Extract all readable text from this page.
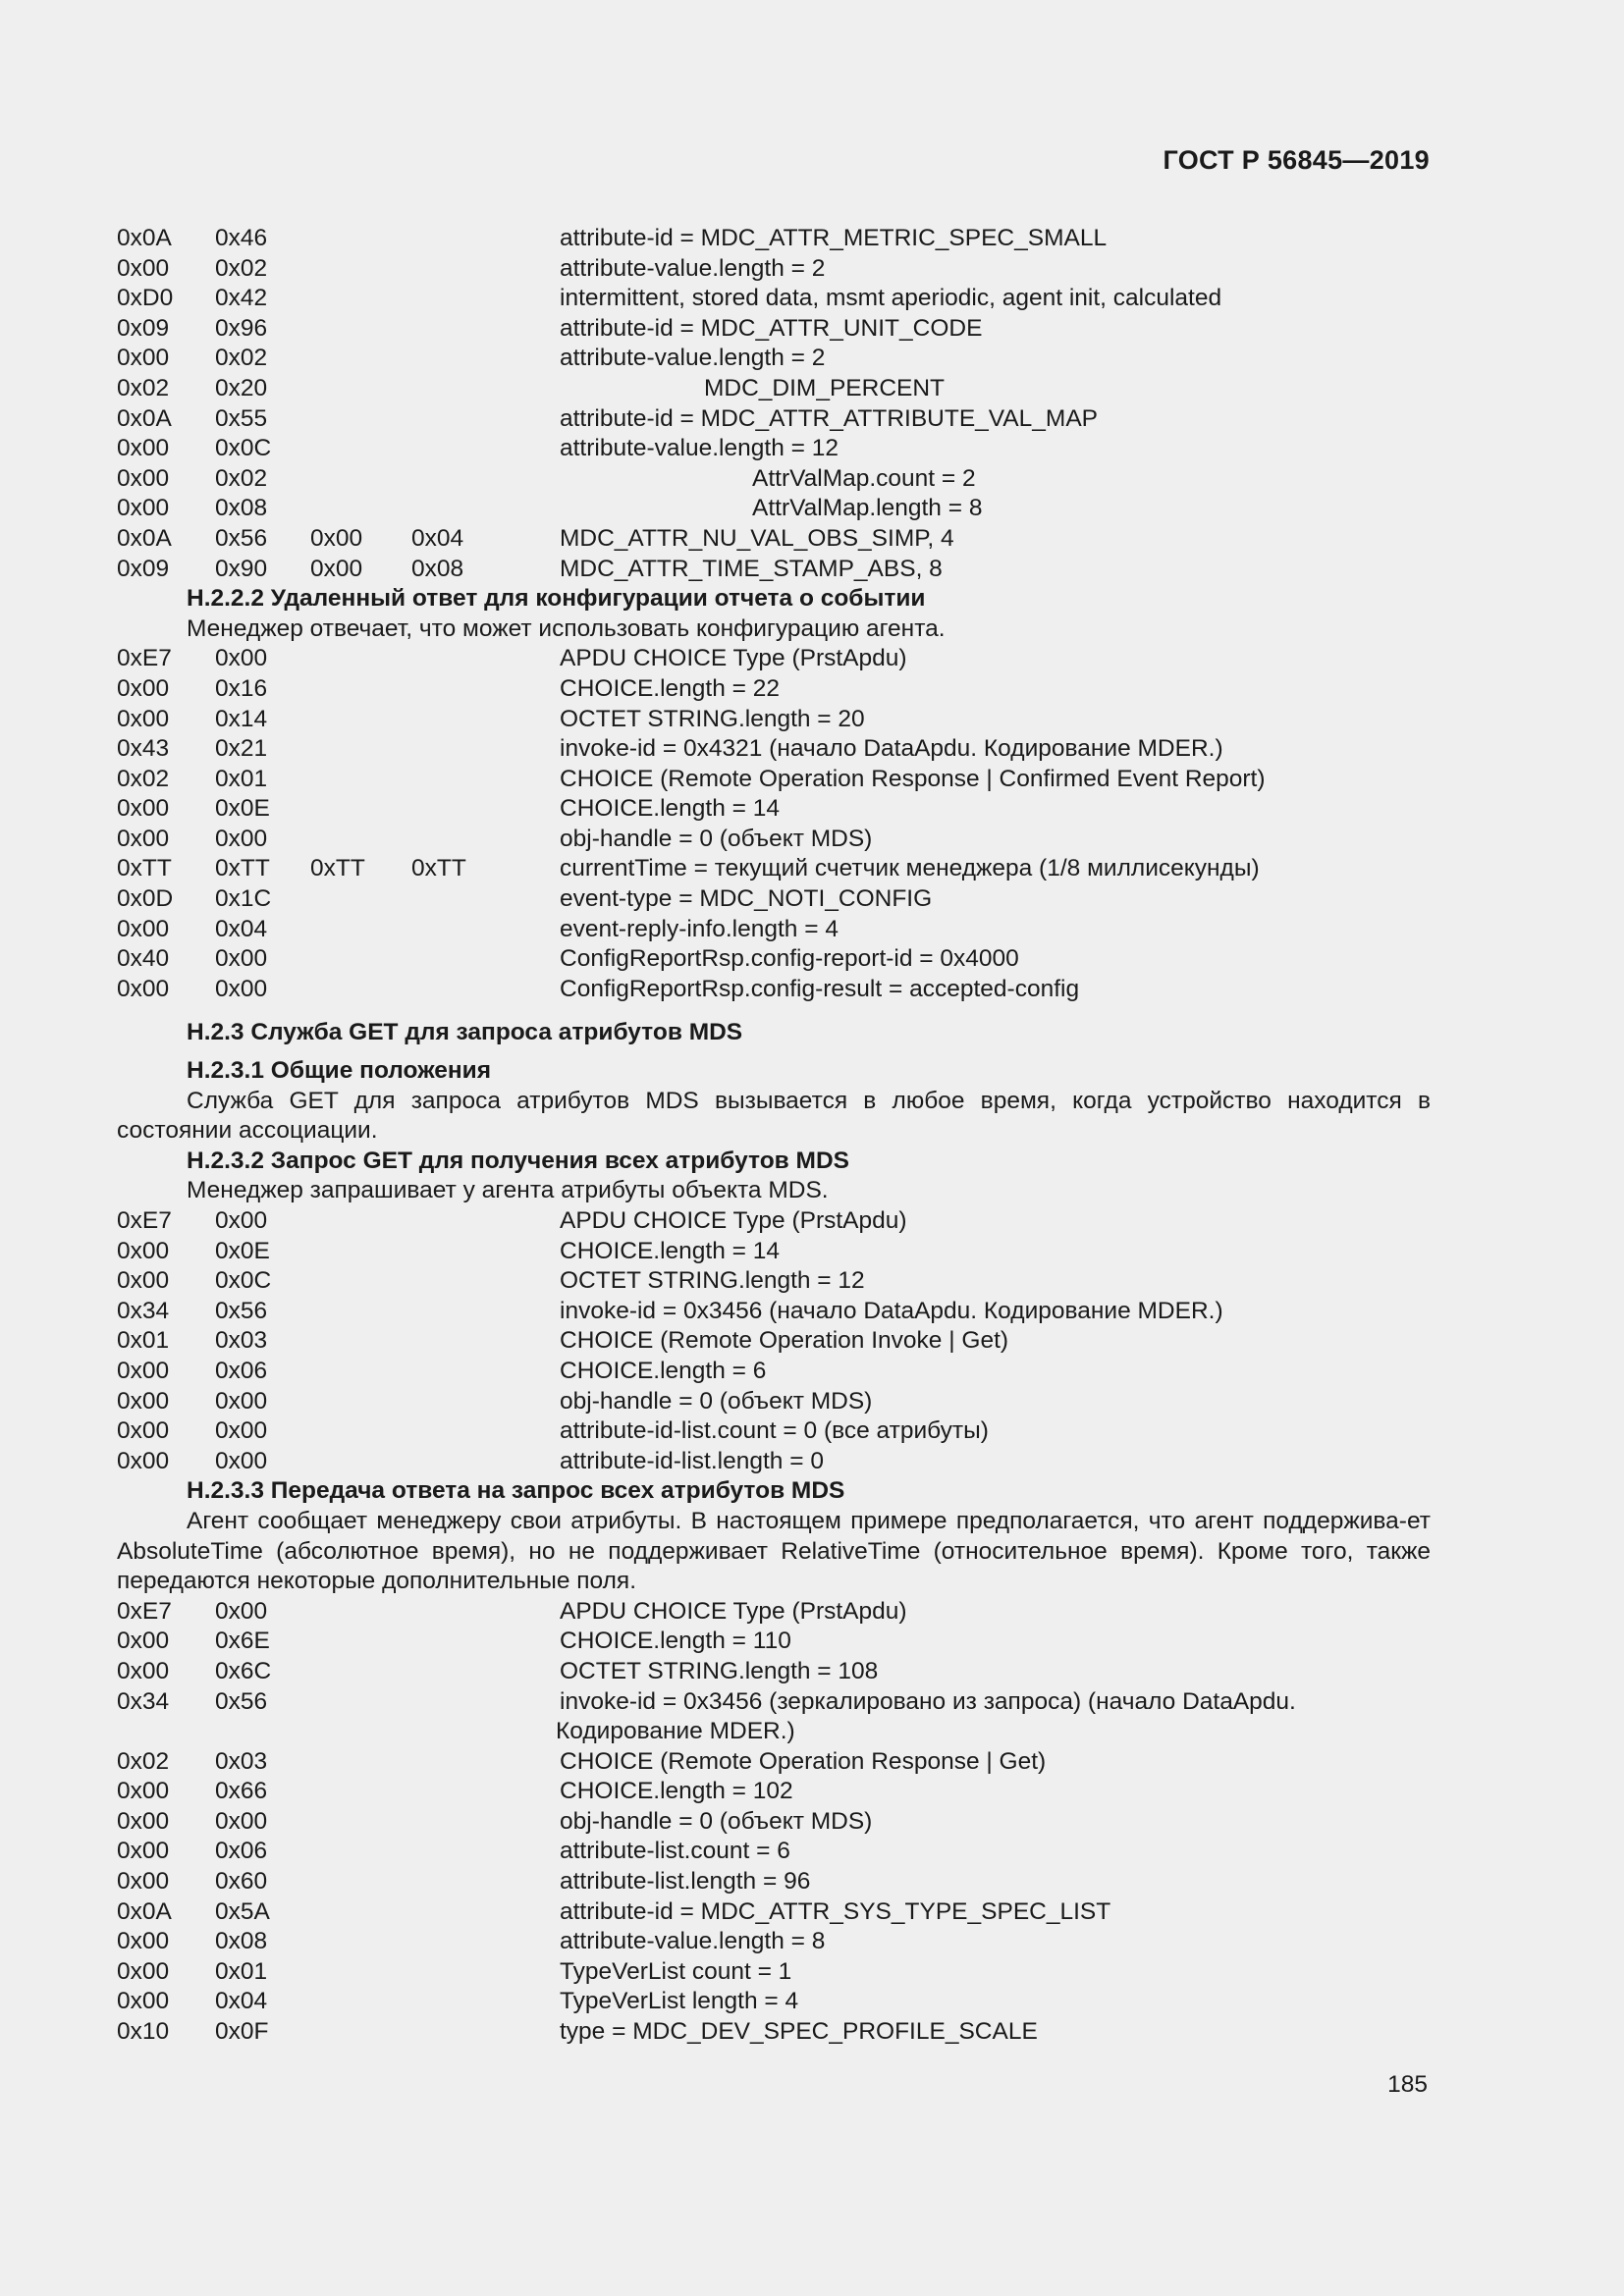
ГОСТ Р 56845—2019
0x0A	0x46	attribute-id = MDC_ATTR_METRIC_SPEC_SMALL
0x00	0x02	attribute-value.length = 2
0xD0	0x42	intermittent, stored data, msmt aperiodic, agent init, calculated
0x09	0x96	attribute-id = MDC_ATTR_UNIT_CODE
0x00	0x02	attribute-value.length = 2
0x02	0x20	MDC_DIM_PERCENT
0x0A	0x55	attribute-id = MDC_ATTR_ATTRIBUTE_VAL_MAP
0x00	0x0C	attribute-value.length = 12
0x00	0x02	AttrValMap.count = 2
0x00	0x08	AttrValMap.length = 8
0x0A	0x56	0x00	0x04	MDC_ATTR_NU_VAL_OBS_SIMP, 4
0x09	0x90	0x00	0x08	MDC_ATTR_TIME_STAMP_ABS, 8
H.2.2.2 Удаленный ответ для конфигурации отчета о событии
Менеджер отвечает, что может использовать конфигурацию агента.
0xE7	0x00	APDU CHOICE Type (PrstApdu)
0x00	0x16	CHOICE.length = 22
0x00	0x14	OCTET STRING.length = 20
0x43	0x21	invoke-id = 0x4321 (начало DataApdu. Кодирование MDER.)
0x02	0x01	CHOICE (Remote Operation Response | Confirmed Event Report)
0x00	0x0E	CHOICE.length = 14
0x00	0x00	obj-handle = 0 (объект MDS)
0xTT	0xTT	0xTT	0xTT	currentTime = текущий счетчик менеджера (1/8 миллисекунды)
0x0D	0x1C	event-type = MDC_NOTI_CONFIG
0x00	0x04	event-reply-info.length = 4
0x40	0x00	ConfigReportRsp.config-report-id = 0x4000
0x00	0x00	ConfigReportRsp.config-result = accepted-config
H.2.3 Служба GET для запроса атрибутов MDS
H.2.3.1 Общие положения
Служба GET для запроса атрибутов MDS вызывается в любое время, когда устройство находится в состоянии ассоциации.
H.2.3.2 Запрос GET для получения всех атрибутов MDS
Менеджер запрашивает у агента атрибуты объекта MDS.
0xE7	0x00	APDU CHOICE Type (PrstApdu)
0x00	0x0E	CHOICE.length = 14
0x00	0x0C	OCTET STRING.length = 12
0x34	0x56	invoke-id = 0x3456 (начало DataApdu. Кодирование MDER.)
0x01	0x03	CHOICE (Remote Operation Invoke | Get)
0x00	0x06	CHOICE.length = 6
0x00	0x00	obj-handle = 0 (объект MDS)
0x00	0x00	attribute-id-list.count = 0 (все атрибуты)
0x00	0x00	attribute-id-list.length = 0
H.2.3.3 Передача ответа на запрос всех атрибутов MDS
Агент сообщает менеджеру свои атрибуты. В настоящем примере предполагается, что агент поддержива-ет AbsoluteTime (абсолютное время), но не поддерживает RelativeTime (относительное время). Кроме того, также передаются некоторые дополнительные поля.
0xE7	0x00	APDU CHOICE Type (PrstApdu)
0x00	0x6E	CHOICE.length = 110
0x00	0x6C	OCTET STRING.length = 108
0x34	0x56	invoke-id = 0x3456 (зеркалировано из запроса) (начало DataApdu.
Кодирование MDER.)
0x02	0x03	CHOICE (Remote Operation Response | Get)
0x00	0x66	CHOICE.length = 102
0x00	0x00	obj-handle = 0 (объект MDS)
0x00	0x06	attribute-list.count = 6
0x00	0x60	attribute-list.length = 96
0x0A	0x5A	attribute-id = MDC_ATTR_SYS_TYPE_SPEC_LIST
0x00	0x08	attribute-value.length = 8
0x00	0x01	TypeVerList count = 1
0x00	0x04	TypeVerList length = 4
0x10	0x0F	type = MDC_DEV_SPEC_PROFILE_SCALE
185
